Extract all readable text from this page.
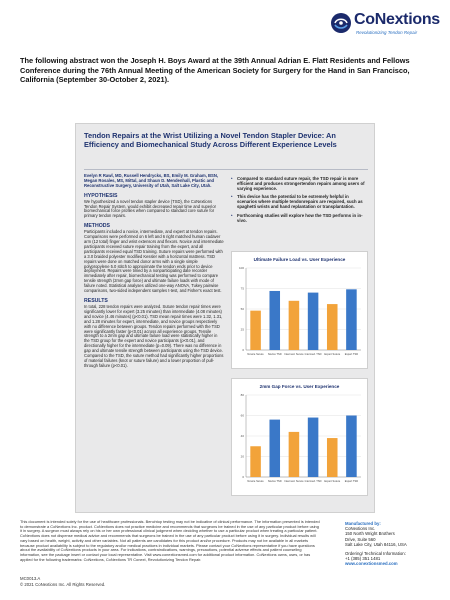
CoNextions
Revolutionizing Tendon Repair
The following abstract won the Joseph H. Boys Award at the 39th Annual Adrian E. Flatt Residents and Fellows Conference during the 76th Annual Meeting of the American Society for Surgery for the Hand in San Francisco, California (September 30-October 2, 2021).
Tendon Repairs at the Wrist Utilizing a Novel Tendon Stapler Device: An Efficiency and Biomechanical Study Across Different Experience Levels
Evelyn R Rawl, MD, Russell Hendrycks, BS, Emily M. Graham, BSN, Megan Rosales, MS, Mittal, and Shaun D. Mendenhall, Plastic and Reconstructive Surgery, University of Utah, Salt Lake City, Utah.
HYPOTHESIS
We hypothesized a novel tendon stapler device (TSD), the CoNextions Tendon Repair System, would exhibit decreased repair time and superior biomechanical force profiles when compared to standard core suture for primary tendon repairs.
METHODS
Participants included a novice, intermediate, and expert at tendon repairs. Comparisons were performed on 6 left and 6 right matched human cadaver arm (12 total) finger and wrist extensors and flexors. Novice and intermediate participants received suture repair training from the expert, and all participants received equal TSD training. Suture repairs were performed with a 3.0 braided polyester modified Kessler with a horizontal mattress. TSD repairs were done on matched donor arms with a single simple polypropylene 5.0 stitch to approximate the tendon ends prior to device deployment. Repairs were timed by a nonparticipating date recorder immediately after repair, biomechanical testing was performed to compare tensile strength (2mm gap force) and ultimate failure loads with mode of failure noted. Statistical analyses utilized one-way ANOVA, Tukey pairwise comparisons, two-sided independent samples t-test, and Fisher's exact test.
RESULTS
In total, 228 tendon repairs were analyzed. Suture tendon repair times were significantly lower for expert (3.25 minutes) than intermediate (4.08 minutes) and novice (4.46 minutes) (p<0.01). TSD mean repair times were 1.32, 1.31, and 1.28 minutes for expert, intermediate, and novice groups respectively with no difference between groups. Tendon repairs performed with the TSD were significantly faster (p<0.01) across all experience groups. Tensile strength to a 2mm gap and ultimate failure load were statistically higher in the TSD group for the expert and novice participants (p<0.01), and directionally higher for the intermediate (p=0.09). There was no difference in gap and ultimate tensile strength between participants using the TSD device. Compared to the TSD, the suture method had significantly higher proportions of material failures (knot or suture failure) and a lower proportion of pull-through failure (p<0.01).
• Compared to standard suture repair, the TSD repair is more efficient and produces strongertendon repairs among users of varying experience.
• This device has the potential to be extremely helpful in scenarios where multiple tendonrepairs are required, such as spaghetti wrists and hand replantation or transplantation.
• Forthcoming studies will explore how the TSD performs in in-vivo.
Ultimate Failure Load vs. User Experience
0
25
50
75
100
Novice Suture Novice TSD Intermed. Suture Intermed. TSD Expert Suture Expert TSD
2mm Gap Force vs. User Experience
0
20
40
60
80
Novice Suture Novice TSD Intermed. Suture Intermed. TSD Expert Suture Expert TSD
This document is intended solely for the use of healthcare professionals. Benchtop testing may not be indicative of clinical performance. The information presented is intended to demonstrate a CoNextions Inc. product. CoNextions does not practice medicine and recommends that surgeons be trained in the use of any particular product before using it in surgery. A surgeon must always rely on his or her own professional clinical judgment when deciding whether to use a particular product when treating a particular patient. CoNextions does not dispense medical advice and recommends that surgeons be trained in the use of any particular product before using it in surgery. Individual results will vary based on health, weight, activity and other variables. Not all patients are candidates for this product and/or procedure. Products may not be available in all markets because product availability is subject to the regulatory and/or medical practices in individual markets. Please contact your CoNextions representative if you have questions about the availability of CoNextions products in your area. For indications, contraindications, warnings, precautions, potential adverse effects and patient counseling information, see the package insert or contact your local representative. Visit www.conextionsmed.com for additional product information. CoNextions owns, uses, or has applied for the following trademarks: CoNextions, CoNextions TR Conext, Revolutionizing Tendon Repair.

Manufactured by:
CoNextions Inc.
150 North Wright Brothers
Drive, Suite 560
Salt Lake City, Utah 84116, USA

Ordering/ Technical Information:
+1 (385) 351 1481
www.conextionsmed.com

MC0013.A
© 2021 CoNextions Inc. All Rights Reserved.
